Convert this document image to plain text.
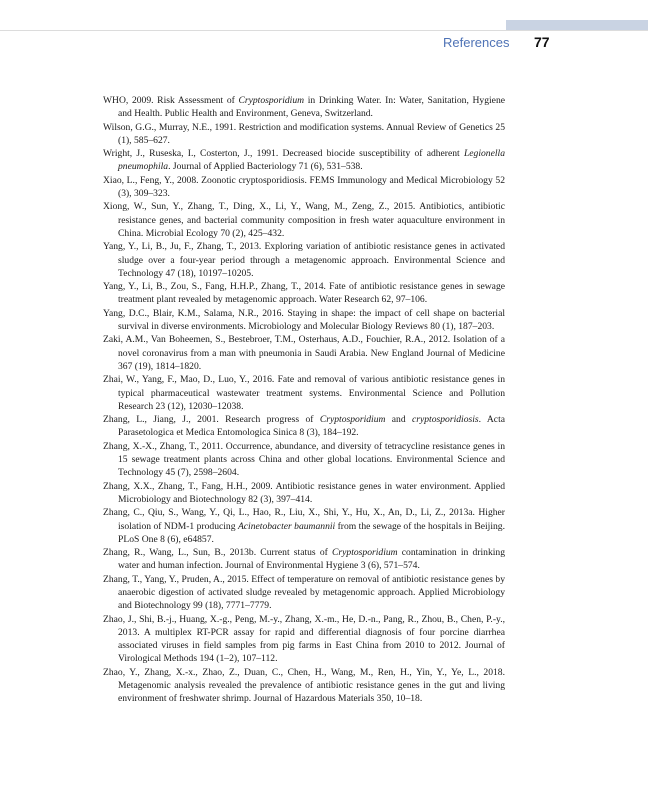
References 77
WHO, 2009. Risk Assessment of Cryptosporidium in Drinking Water. In: Water, Sanitation, Hygiene and Health. Public Health and Environment, Geneva, Switzerland.
Wilson, G.G., Murray, N.E., 1991. Restriction and modification systems. Annual Review of Genetics 25 (1), 585–627.
Wright, J., Ruseska, I., Costerton, J., 1991. Decreased biocide susceptibility of adherent Legionella pneumophila. Journal of Applied Bacteriology 71 (6), 531–538.
Xiao, L., Feng, Y., 2008. Zoonotic cryptosporidiosis. FEMS Immunology and Medical Microbiology 52 (3), 309–323.
Xiong, W., Sun, Y., Zhang, T., Ding, X., Li, Y., Wang, M., Zeng, Z., 2015. Antibiotics, antibiotic resistance genes, and bacterial community composition in fresh water aquaculture environment in China. Microbial Ecology 70 (2), 425–432.
Yang, Y., Li, B., Ju, F., Zhang, T., 2013. Exploring variation of antibiotic resistance genes in activated sludge over a four-year period through a metagenomic approach. Environmental Science and Technology 47 (18), 10197–10205.
Yang, Y., Li, B., Zou, S., Fang, H.H.P., Zhang, T., 2014. Fate of antibiotic resistance genes in sewage treatment plant revealed by metagenomic approach. Water Research 62, 97–106.
Yang, D.C., Blair, K.M., Salama, N.R., 2016. Staying in shape: the impact of cell shape on bacterial survival in diverse environments. Microbiology and Molecular Biology Reviews 80 (1), 187–203.
Zaki, A.M., Van Boheemen, S., Bestebroer, T.M., Osterhaus, A.D., Fouchier, R.A., 2012. Isolation of a novel coronavirus from a man with pneumonia in Saudi Arabia. New England Journal of Medicine 367 (19), 1814–1820.
Zhai, W., Yang, F., Mao, D., Luo, Y., 2016. Fate and removal of various antibiotic resistance genes in typical pharmaceutical wastewater treatment systems. Environmental Science and Pollution Research 23 (12), 12030–12038.
Zhang, L., Jiang, J., 2001. Research progress of Cryptosporidium and cryptosporidiosis. Acta Parasetologica et Medica Entomologica Sinica 8 (3), 184–192.
Zhang, X.-X., Zhang, T., 2011. Occurrence, abundance, and diversity of tetracycline resistance genes in 15 sewage treatment plants across China and other global locations. Environmental Science and Technology 45 (7), 2598–2604.
Zhang, X.X., Zhang, T., Fang, H.H., 2009. Antibiotic resistance genes in water environment. Applied Microbiology and Biotechnology 82 (3), 397–414.
Zhang, C., Qiu, S., Wang, Y., Qi, L., Hao, R., Liu, X., Shi, Y., Hu, X., An, D., Li, Z., 2013a. Higher isolation of NDM-1 producing Acinetobacter baumannii from the sewage of the hospitals in Beijing. PLoS One 8 (6), e64857.
Zhang, R., Wang, L., Sun, B., 2013b. Current status of Cryptosporidium contamination in drinking water and human infection. Journal of Environmental Hygiene 3 (6), 571–574.
Zhang, T., Yang, Y., Pruden, A., 2015. Effect of temperature on removal of antibiotic resistance genes by anaerobic digestion of activated sludge revealed by metagenomic approach. Applied Microbiology and Biotechnology 99 (18), 7771–7779.
Zhao, J., Shi, B.-j., Huang, X.-g., Peng, M.-y., Zhang, X.-m., He, D.-n., Pang, R., Zhou, B., Chen, P.-y., 2013. A multiplex RT-PCR assay for rapid and differential diagnosis of four porcine diarrhea associated viruses in field samples from pig farms in East China from 2010 to 2012. Journal of Virological Methods 194 (1–2), 107–112.
Zhao, Y., Zhang, X.-x., Zhao, Z., Duan, C., Chen, H., Wang, M., Ren, H., Yin, Y., Ye, L., 2018. Metagenomic analysis revealed the prevalence of antibiotic resistance genes in the gut and living environment of freshwater shrimp. Journal of Hazardous Materials 350, 10–18.
